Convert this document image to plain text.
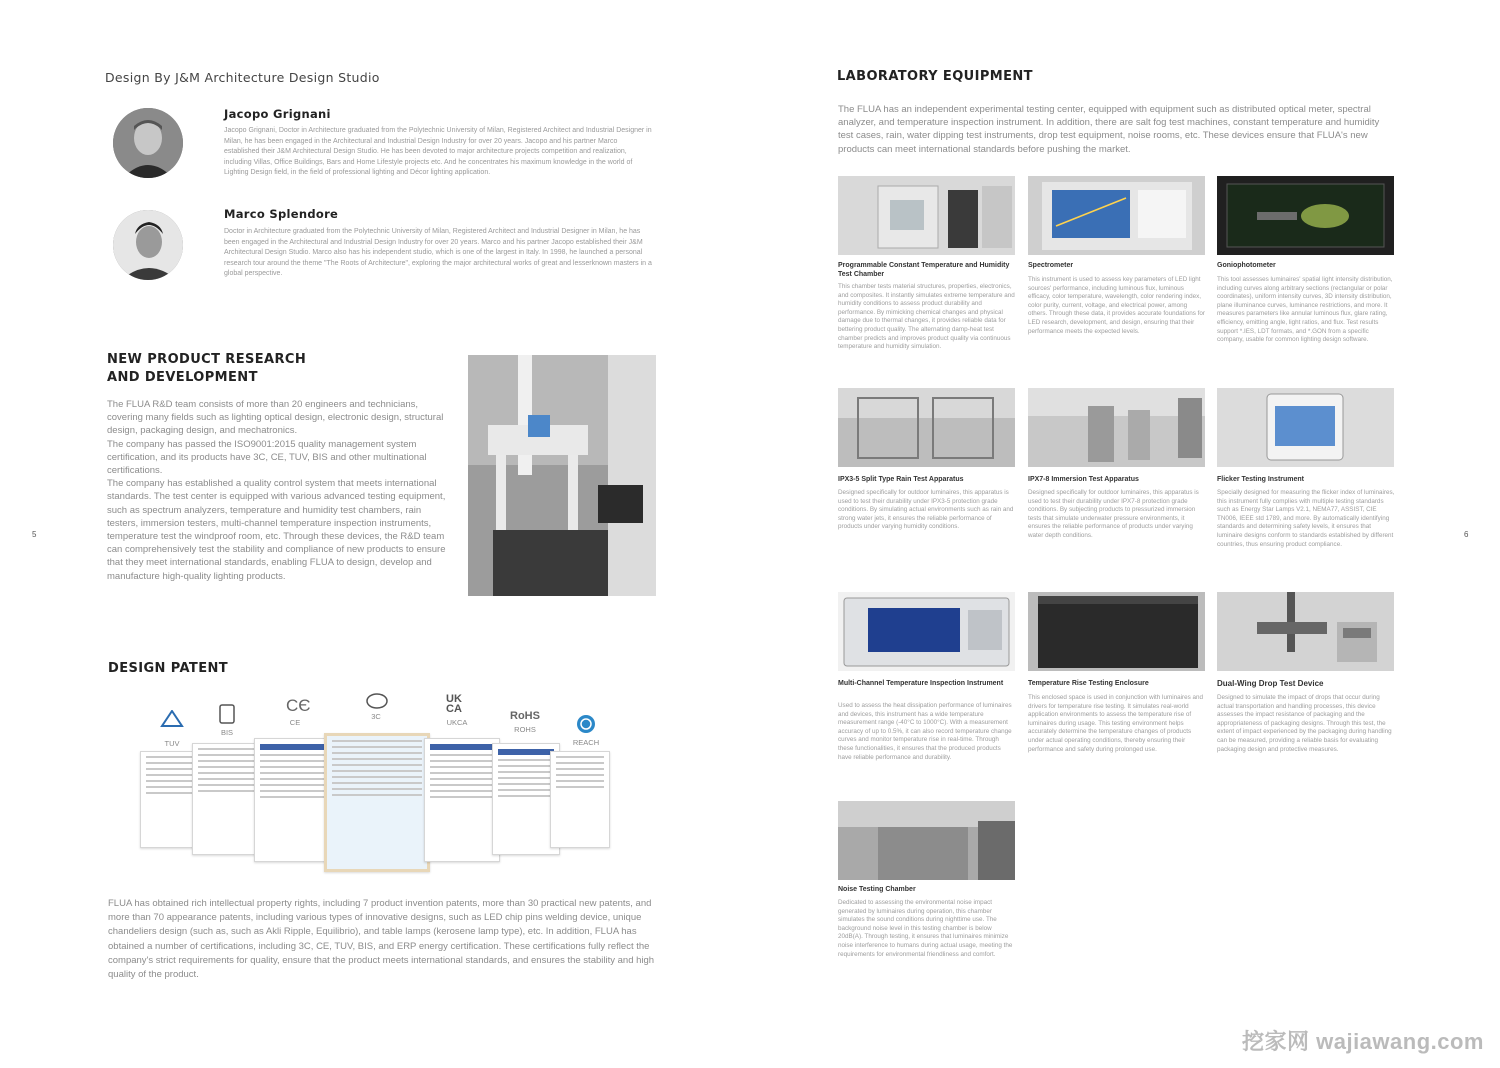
Design By J&M Architecture Design Studio
Jacopo Grignani
Jacopo Grignani, Doctor in Architecture graduated from the Polytechnic University of Milan, Registered Architect and Industrial Designer in Milan, he has been engaged in the Architectural and Industrial Design Industry for over 20 years. Jacopo and his partner Marco established their J&M Architectural Design Studio. He has been devoted to major architecture projects competition and realization, including Villas, Office Buildings, Bars and Home Lifestyle projects etc. And he concentrates his maximum knowledge in the world of Lighting Design field, in the field of professional lighting and Décor lighting application.
Marco Splendore
Doctor in Architecture graduated from the Polytechnic University of Milan, Registered Architect and Industrial Designer in Milan, he has been engaged in the Architectural and Industrial Design Industry for over 20 years. Marco and his partner Jacopo established their J&M Architectural Design Studio. Marco also has his independent studio, which is one of the largest in Italy. In 1998, he launched a personal research tour around the theme "The Roots of Architecture", exploring the major architectural works of great and lesserknown masters in a global perspective.
NEW PRODUCT RESEARCH
AND DEVELOPMENT
The FLUA R&D team consists of more than 20 engineers and technicians, covering many fields such as lighting optical design, electronic design, structural design, packaging design, and mechatronics.
The company has passed the ISO9001:2015 quality management system certification, and its products have 3C, CE, TUV, BIS and other multinational certifications.
The company has established a quality control system that meets international standards. The test center is equipped with various advanced testing equipment, such as spectrum analyzers, temperature and humidity test chambers, rain testers, immersion testers, multi-channel temperature inspection instruments, temperature test the windproof room, etc. Through these devices, the R&D team can comprehensively test the stability and compliance of new products to ensure that they meet international standards, enabling FLUA to design, develop and manufacture high-quality lighting products.
DESIGN PATENT
TUV
BIS
CЄ
CE
3C
UK
CA
UKCA
RoHS
ROHS
REACH
FLUA has obtained rich intellectual property rights, including 7 product invention patents, more than 30 practical new patents, and more than 70 appearance patents, including various types of innovative designs, such as LED chip pins welding device, unique chandeliers design (such as, such as Akli Ripple, Equilibrio), and table lamps (kerosene lamp type), etc. In addition, FLUA has obtained a number of certifications, including 3C, CE, TUV, BIS, and ERP energy certification. These certifications fully reflect the company's strict requirements for quality, ensure that the product meets international standards, and ensures the stability and high quality of the product.
5
LABORATORY EQUIPMENT
The FLUA has an independent experimental testing center, equipped with equipment such as distributed optical meter, spectral analyzer, and temperature inspection instrument. In addition, there are salt fog test machines, constant temperature and humidity test cases, rain, water dipping test instruments, drop test equipment, noise rooms, etc. These devices ensure that FLUA's new products can meet international standards before pushing the market.
Programmable Constant Temperature and Humidity Test Chamber
This chamber tests material structures, properties, electronics, and composites. It instantly simulates extreme temperature and humidity conditions to assess product durability and performance. By mimicking chemical changes and physical damage due to thermal changes, it provides reliable data for bettering product quality. The alternating damp-heat test chamber predicts and improves product quality via continuous temperature and humidity simulation.
Spectrometer
This instrument is used to assess key parameters of LED light sources' performance, including luminous flux, luminous efficacy, color temperature, wavelength, color rendering index, color purity, current, voltage, and electrical power, among others. Through these data, it provides accurate foundations for LED research, development, and design, ensuring that their performance meets the expected levels.
Goniophotometer
This tool assesses luminaires' spatial light intensity distribution, including curves along arbitrary sections (rectangular or polar coordinates), uniform intensity curves, 3D intensity distribution, plane illuminance curves, luminance restrictions, and more. It measures parameters like annular luminous flux, glare rating, efficiency, emitting angle, light ratios, and flux. Test results support *.IES, LDT formats, and *.GON from a specific company, usable for common lighting design software.
IPX3-5 Split Type Rain Test Apparatus
Designed specifically for outdoor luminaires, this apparatus is used to test their durability under IPX3-5 protection grade conditions. By simulating actual environments such as rain and strong water jets, it ensures the reliable performance of products under varying humidity conditions.
IPX7-8 Immersion Test Apparatus
Designed specifically for outdoor luminaires, this apparatus is used to test their durability under IPX7-8 protection grade conditions. By subjecting products to pressurized immersion tests that simulate underwater pressure environments, it ensures the reliable performance of products under varying water depth conditions.
Flicker Testing Instrument
Specially designed for measuring the flicker index of luminaires, this instrument fully complies with multiple testing standards such as Energy Star Lamps V2.1, NEMA77, ASSIST, CIE TN006, IEEE std 1789, and more. By automatically identifying standards and determining safety levels, it ensures that luminaire designs conform to standards established by different countries, thus ensuring product compliance.
Multi-Channel Temperature Inspection Instrument
Used to assess the heat dissipation performance of luminaires and devices, this instrument has a wide temperature measurement range (-40°C to 1000°C). With a measurement accuracy of up to 0.5%, it can also record temperature change curves and monitor temperature rise in real-time. Through these functionalities, it ensures that the produced products have reliable performance and durability.
Temperature Rise Testing Enclosure
This enclosed space is used in conjunction with luminaires and drivers for temperature rise testing. It simulates real-world application environments to assess the temperature rise of luminaires during usage. This testing environment helps accurately determine the temperature changes of products under actual operating conditions, thereby ensuring their performance and safety during prolonged use.
Dual-Wing Drop Test Device
Designed to simulate the impact of drops that occur during actual transportation and handling processes, this device assesses the impact resistance of packaging and the appropriateness of packaging designs. Through this test, the extent of impact experienced by the packaging during handling can be measured, providing a reliable basis for evaluating packaging design and protective measures.
Noise Testing Chamber
Dedicated to assessing the environmental noise impact generated by luminaires during operation, this chamber simulates the sound conditions during nighttime use. The background noise level in this testing chamber is below 20dB(A). Through testing, it ensures that luminaires minimize noise interference to humans during actual usage, meeting the requirements for environmental friendliness and comfort.
6
挖家网 wajiawang.com
